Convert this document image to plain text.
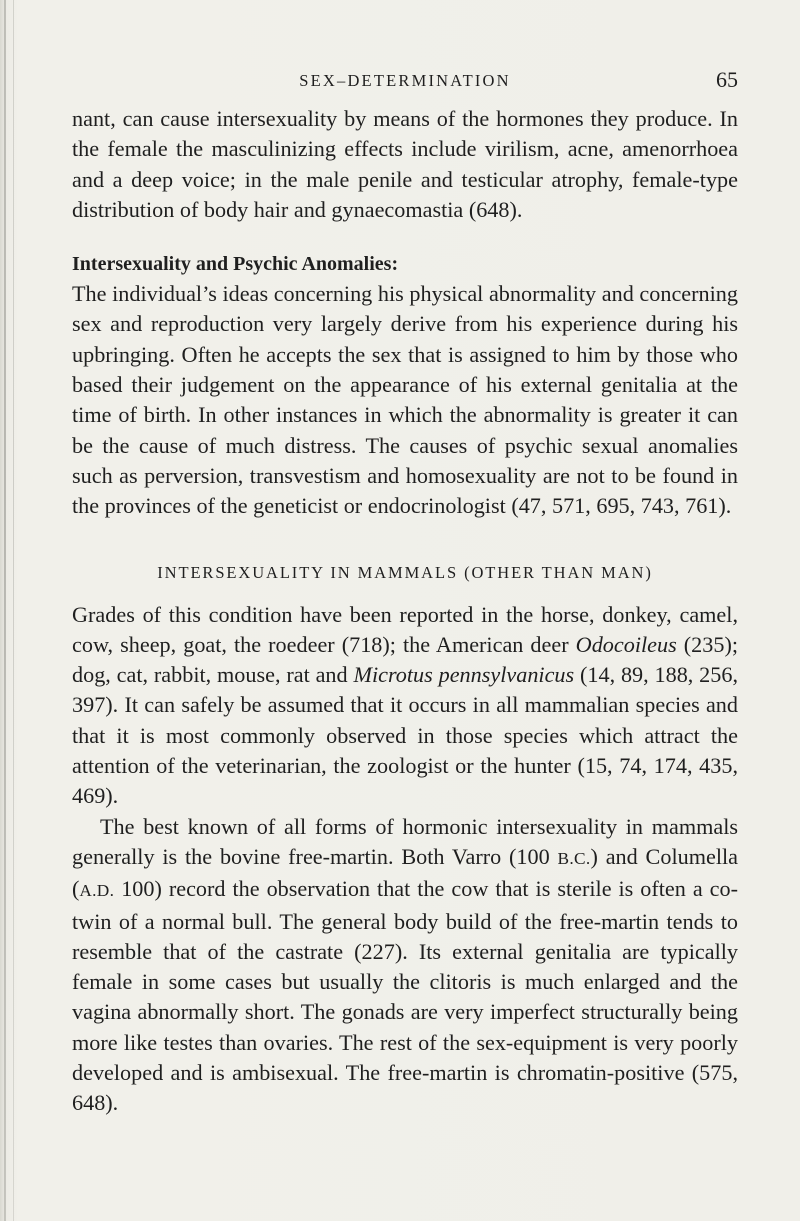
SEX–DETERMINATION	65

nant, can cause intersexuality by means of the hormones they produce. In the female the masculinizing effects include virilism, acne, amenorrhoea and a deep voice; in the male penile and testicular atrophy, female-type distribution of body hair and gynaecomastia (648).

Intersexuality and Psychic Anomalies:

The individual’s ideas concerning his physical abnormality and concerning sex and reproduction very largely derive from his experience during his upbringing. Often he accepts the sex that is assigned to him by those who based their judgement on the appearance of his external genitalia at the time of birth. In other instances in which the abnormality is greater it can be the cause of much distress. The causes of psychic sexual anomalies such as perversion, transvestism and homosexuality are not to be found in the provinces of the geneticist or endocrinologist (47, 571, 695, 743, 761).

INTERSEXUALITY IN MAMMALS (OTHER THAN MAN)

Grades of this condition have been reported in the horse, donkey, camel, cow, sheep, goat, the roedeer (718); the American deer Odocoileus (235); dog, cat, rabbit, mouse, rat and Microtus pennsylvanicus (14, 89, 188, 256, 397). It can safely be assumed that it occurs in all mammalian species and that it is most commonly observed in those species which attract the attention of the veterinarian, the zoologist or the hunter (15, 74, 174, 435, 469).

The best known of all forms of hormonic intersexuality in mammals generally is the bovine free-martin. Both Varro (100 B.C.) and Columella (A.D. 100) record the observation that the cow that is sterile is often a co-twin of a normal bull. The general body build of the free-martin tends to resemble that of the castrate (227). Its external genitalia are typically female in some cases but usually the clitoris is much enlarged and the vagina abnormally short. The gonads are very imperfect structurally being more like testes than ovaries. The rest of the sex-equipment is very poorly developed and is ambisexual. The free-martin is chromatin-positive (575, 648).
